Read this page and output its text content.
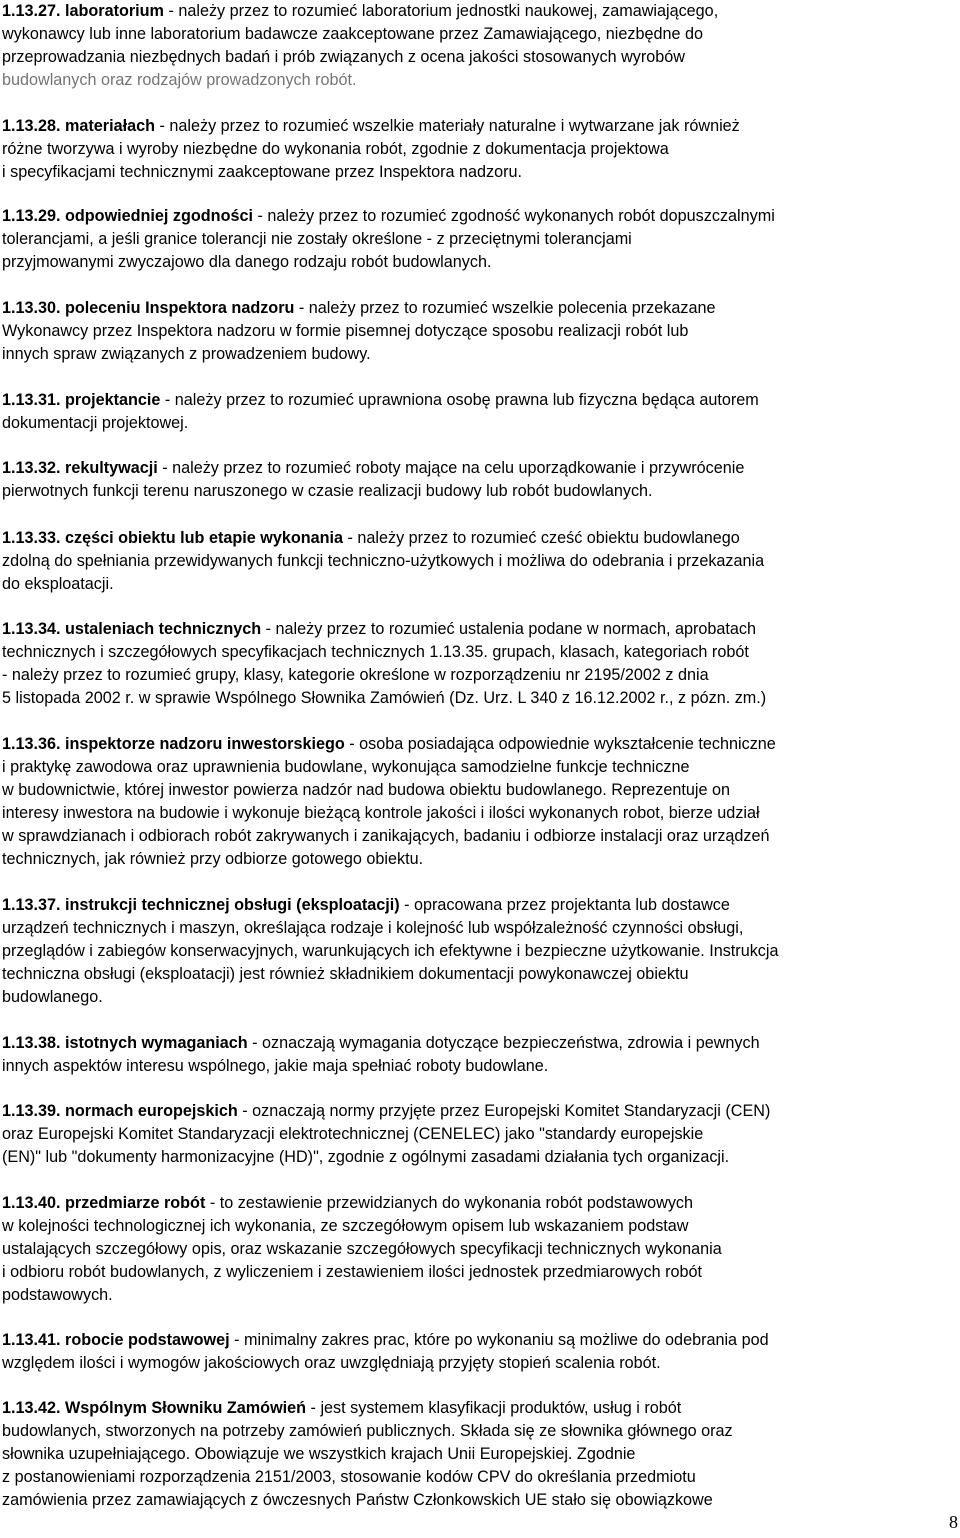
1.13.27. laboratorium - należy przez to rozumieć laboratorium jednostki naukowej, zamawiającego,
wykonawcy lub inne laboratorium badawcze zaakceptowane przez Zamawiającego, niezbędne do
przeprowadzania niezbędnych badań i prób związanych z ocena jakości stosowanych wyrobów
budowlanych oraz rodzajów prowadzonych robót.

1.13.28. materiałach - należy przez to rozumieć wszelkie materiały naturalne i wytwarzane jak również
różne tworzywa i wyroby niezbędne do wykonania robót, zgodnie z dokumentacja projektowa
i specyfikacjami technicznymi zaakceptowane przez Inspektora nadzoru.

1.13.29. odpowiedniej zgodności - należy przez to rozumieć zgodność wykonanych robót dopuszczalnymi
tolerancjami, a jeśli granice tolerancji nie zostały określone - z przeciętnymi tolerancjami
przyjmowanymi zwyczajowo dla danego rodzaju robót budowlanych.

1.13.30. poleceniu Inspektora nadzoru - należy przez to rozumieć wszelkie polecenia przekazane
Wykonawcy przez Inspektora nadzoru w formie pisemnej dotyczące sposobu realizacji robót lub
innych spraw związanych z prowadzeniem budowy.

1.13.31. projektancie - należy przez to rozumieć uprawniona osobę prawna lub fizyczna będąca autorem
dokumentacji projektowej.

1.13.32. rekultywacji - należy przez to rozumieć roboty mające na celu uporządkowanie i przywrócenie
pierwotnych funkcji terenu naruszonego w czasie realizacji budowy lub robót budowlanych.

1.13.33. części obiektu lub etapie wykonania - należy przez to rozumieć cześć obiektu budowlanego
zdolną do spełniania przewidywanych funkcji techniczno-użytkowych i możliwa do odebrania i przekazania
do eksploatacji.

1.13.34. ustaleniach technicznych - należy przez to rozumieć ustalenia podane w normach, aprobatach
technicznych i szczegółowych specyfikacjach technicznych 1.13.35. grupach, klasach, kategoriach robót
- należy przez to rozumieć grupy, klasy, kategorie określone w rozporządzeniu nr 2195/2002 z dnia
5 listopada 2002 r. w sprawie Wspólnego Słownika Zamówień (Dz. Urz. L 340 z 16.12.2002 r., z pózn. zm.)

1.13.36. inspektorze nadzoru inwestorskiego - osoba posiadająca odpowiednie wykształcenie techniczne
i praktykę zawodowa oraz uprawnienia budowlane, wykonująca samodzielne funkcje techniczne
w budownictwie, której inwestor powierza nadzór nad budowa obiektu budowlanego. Reprezentuje on
interesy inwestora na budowie i wykonuje bieżącą kontrole jakości i ilości wykonanych robot, bierze udział
w sprawdzianach i odbiorach robót zakrywanych i zanikających, badaniu i odbiorze instalacji oraz urządzeń
technicznych, jak również przy odbiorze gotowego obiektu.

1.13.37. instrukcji technicznej obsługi (eksploatacji) - opracowana przez projektanta lub dostawce
urządzeń technicznych i maszyn, określająca rodzaje i kolejność lub współzależność czynności obsługi,
przeglądów i zabiegów konserwacyjnych, warunkujących ich efektywne i bezpieczne użytkowanie. Instrukcja
techniczna obsługi (eksploatacji) jest również składnikiem dokumentacji powykonawczej obiektu
budowlanego.

1.13.38. istotnych wymaganiach - oznaczają wymagania dotyczące bezpieczeństwa, zdrowia i pewnych
innych aspektów interesu wspólnego, jakie maja spełniać roboty budowlane.

1.13.39. normach europejskich - oznaczają normy przyjęte przez Europejski Komitet Standaryzacji (CEN)
oraz Europejski Komitet Standaryzacji elektrotechnicznej (CENELEC) jako "standardy europejskie
(EN)" lub "dokumenty harmonizacyjne (HD)", zgodnie z ogólnymi zasadami działania tych organizacji.

1.13.40. przedmiarze robót - to zestawienie przewidzianych do wykonania robót podstawowych
w kolejności technologicznej ich wykonania, ze szczegółowym opisem lub wskazaniem podstaw
ustalających szczegółowy opis, oraz wskazanie szczegółowych specyfikacji technicznych wykonania
i odbioru robót budowlanych, z wyliczeniem i zestawieniem ilości jednostek przedmiarowych robót
podstawowych.

1.13.41. robocie podstawowej - minimalny zakres prac, które po wykonaniu są możliwe do odebrania pod
względem ilości i wymogów jakościowych oraz uwzględniają przyjęty stopień scalenia robót.

1.13.42. Wspólnym Słowniku Zamówień - jest systemem klasyfikacji produktów, usług i robót
budowlanych, stworzonych na potrzeby zamówień publicznych. Składa się ze słownika głównego oraz
słownika uzupełniającego. Obowiązuje we wszystkich krajach Unii Europejskiej. Zgodnie
z postanowieniami rozporządzenia 2151/2003, stosowanie kodów CPV do określania przedmiotu
zamówienia przez zamawiających z ówczesnych Państw Członkowskich UE stało się obowiązkowe

8
